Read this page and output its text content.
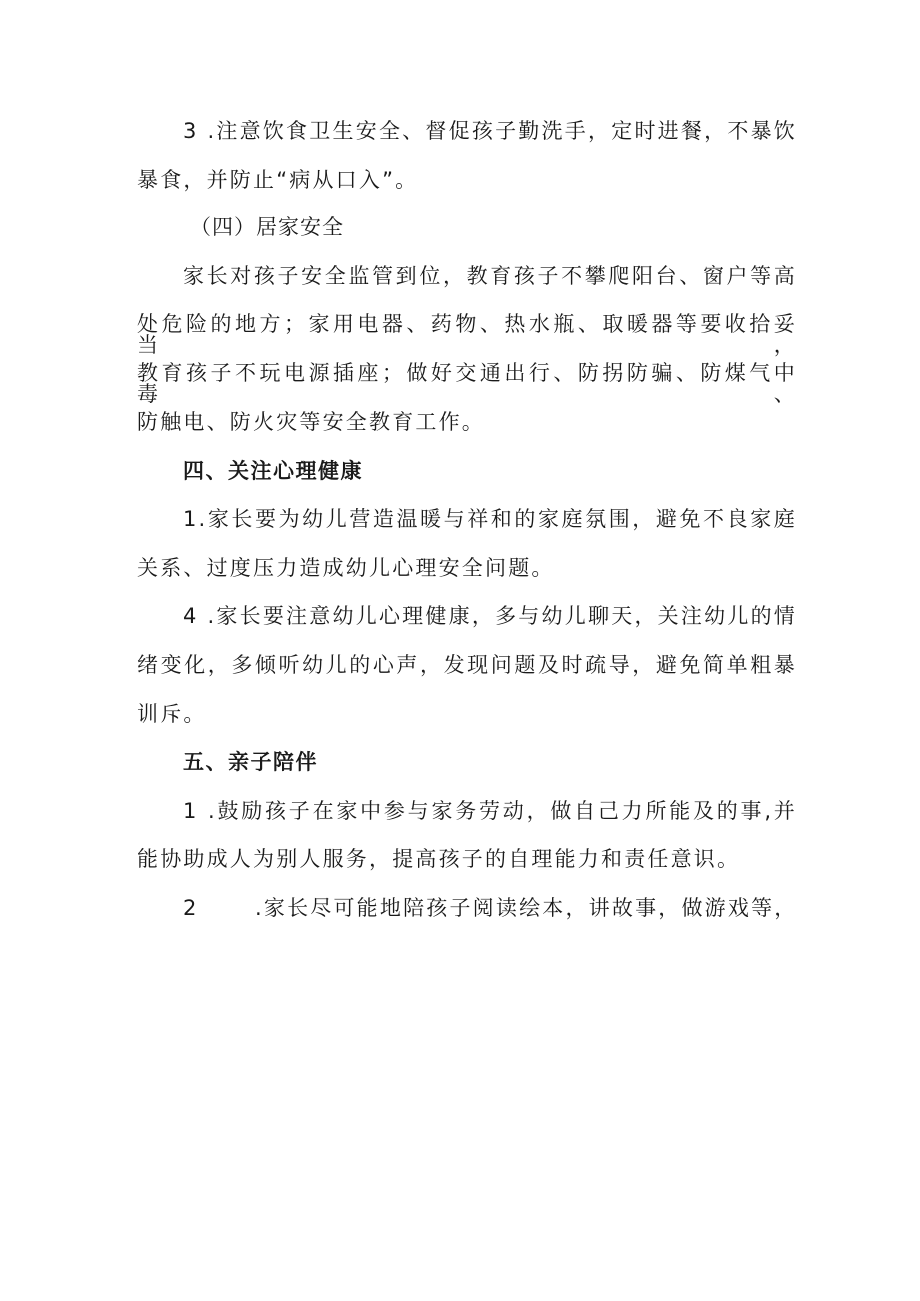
3 .注意饮食卫生安全、督促孩子勤洗手，定时进餐，不暴饮
暴食，并防止“病从口入”。
（四）居家安全
家长对孩子安全监管到位，教育孩子不攀爬阳台、窗户等高
处危险的地方；家用电器、药物、热水瓶、取暖器等要收拾妥当，
教育孩子不玩电源插座；做好交通出行、防拐防骗、防煤气中毒、
防触电、防火灾等安全教育工作。
四、关注心理健康
1.家长要为幼儿营造温暖与祥和的家庭氛围，避免不良家庭
关系、过度压力造成幼儿心理安全问题。
4 .家长要注意幼儿心理健康，多与幼儿聊天，关注幼儿的情
绪变化，多倾听幼儿的心声，发现问题及时疏导，避免简单粗暴
训斥。
五、亲子陪伴
1 .鼓励孩子在家中参与家务劳动，做自己力所能及的事,并
能协助成人为别人服务，提高孩子的自理能力和责任意识。
2	.家长尽可能地陪孩子阅读绘本，讲故事，做游戏等，
